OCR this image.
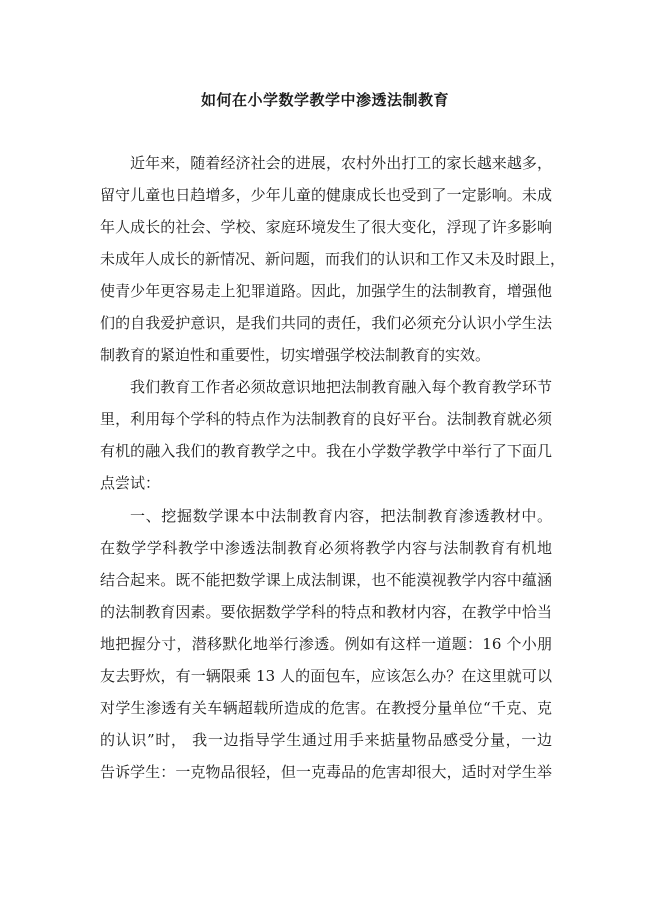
如何在小学数学教学中渗透法制教育
近年来，随着经济社会的进展，农村外出打工的家长越来越多，
留守儿童也日趋增多，少年儿童的健康成长也受到了一定影响。未成
年人成长的社会、学校、家庭环境发生了很大变化，浮现了许多影响
未成年人成长的新情况、新问题，而我们的认识和工作又未及时跟上，
使青少年更容易走上犯罪道路。因此，加强学生的法制教育，增强他
们的自我爱护意识，是我们共同的责任，我们必须充分认识小学生法
制教育的紧迫性和重要性，切实增强学校法制教育的实效。
我们教育工作者必须故意识地把法制教育融入每个教育教学环节
里，利用每个学科的特点作为法制教育的良好平台。法制教育就必须
有机的融入我们的教育教学之中。我在小学数学教学中举行了下面几
点尝试：
一、挖掘数学课本中法制教育内容，把法制教育渗透教材中。
在数学学科教学中渗透法制教育必须将教学内容与法制教育有机地
结合起来。既不能把数学课上成法制课，也不能漠视教学内容中蕴涵
的法制教育因素。要依据数学学科的特点和教材内容，在教学中恰当
地把握分寸，潜移默化地举行渗透。例如有这样一道题：16 个小朋
友去野炊，有一辆限乘 13 人的面包车，应该怎么办？在这里就可以
对学生渗透有关车辆超载所造成的危害。在教授分量单位“千克、克
的认识”时， 我一边指导学生通过用手来掂量物品感受分量，一边
告诉学生：一克物品很轻，但一克毒品的危害却很大，适时对学生举
